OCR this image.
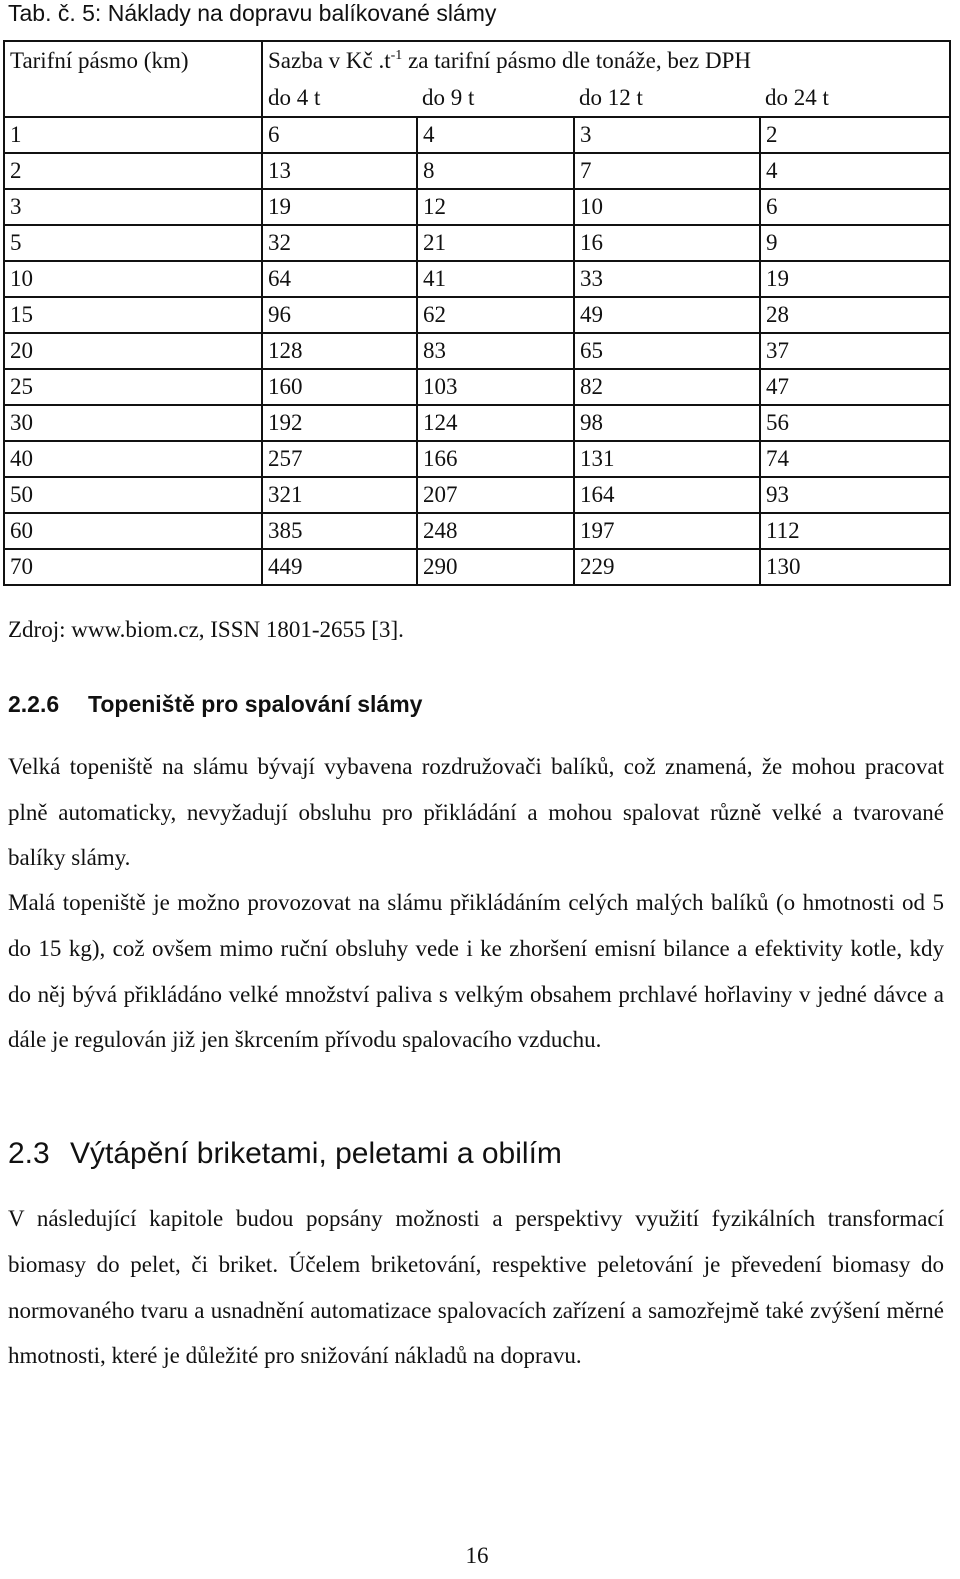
Tab. č. 5: Náklady na dopravu balíkované slámy
Tarifní pásmo (km)	Sazba v Kč $.t^{-1}$ za tarifní pásmo dle tonáže, bez DPH			
	do 4 t	do 9 t	do 12 t	do 24 t
1	6	4	3	2
2	13	8	7	4
3	19	12	10	6
5	32	21	16	9
10	64	41	33	19
15	96	62	49	28
20	128	83	65	37
25	160	103	82	47
30	192	124	98	56
40	257	166	131	74
50	321	207	164	93
60	385	248	197	112
70	449	290	229	130
Zdroj: www.biom.cz, ISSN 1801-2655 [3].
2.2.6 Topeniště pro spalování slámy
Velká topeniště na slámu bývají vybavena rozdružovači balíků, což znamená, že mohou pracovat plně automaticky, nevyžadují obsluhu pro přikládání a mohou spalovat různě velké a tvarované balíky slámy.
Malá topeniště je možno provozovat na slámu přikládáním celých malých balíků (o hmotnosti od 5 do 15 kg), což ovšem mimo ruční obsluhy vede i ke zhoršení emisní bilance a efektivity kotle, kdy do něj bývá přikládáno velké množství paliva s velkým obsahem prchlavé hořlaviny v jedné dávce a dále je regulován již jen škrcením přívodu spalovacího vzduchu.
2.3 Výtápění briketami, peletami a obilím
V následující kapitole budou popsány možnosti a perspektivy využití fyzikálních transformací biomasy do pelet, či briket. Účelem briketování, respektive peletování je převedení biomasy do normovaného tvaru a usnadnění automatizace spalovacích zařízení a samozřejmě také zvýšení měrné hmotnosti, které je důležité pro snižování nákladů na dopravu.
16
